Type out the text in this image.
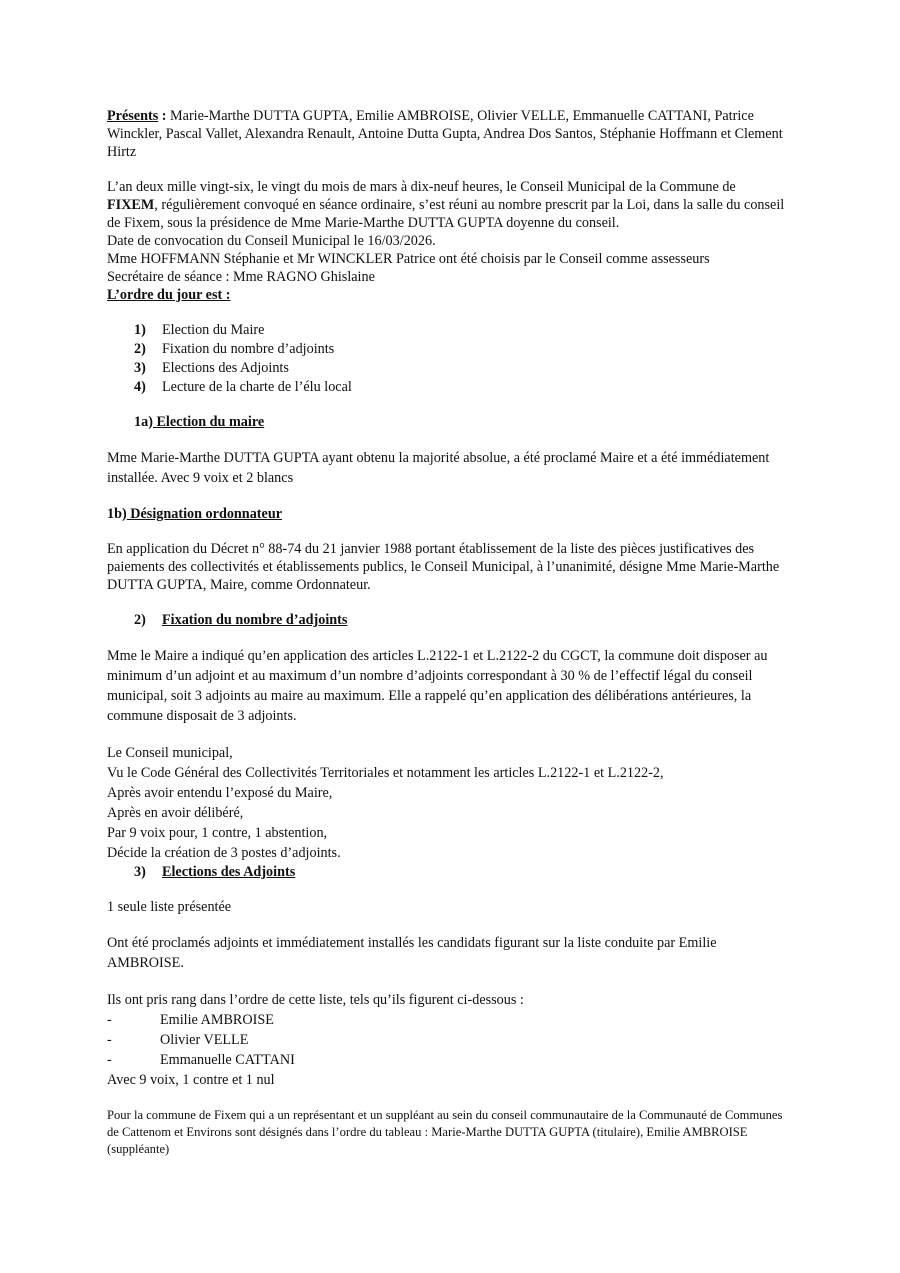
Présents : Marie-Marthe DUTTA GUPTA, Emilie AMBROISE, Olivier VELLE, Emmanuelle CATTANI, Patrice Winckler, Pascal Vallet, Alexandra Renault, Antoine Dutta Gupta, Andrea Dos Santos, Stéphanie Hoffmann et Clement Hirtz

L’an deux mille vingt-six, le vingt du mois de mars à dix-neuf heures, le Conseil Municipal de la Commune de FIXEM, régulièrement convoqué en séance ordinaire, s’est réuni au nombre prescrit par la Loi, dans la salle du conseil de Fixem, sous la présidence de Mme Marie-Marthe DUTTA GUPTA doyenne du conseil.

Date de convocation du Conseil Municipal le 16/03/2026.

Mme HOFFMANN Stéphanie et Mr WINCKLER Patrice ont été choisis par le Conseil comme assesseurs

Secrétaire de séance : Mme RAGNO Ghislaine

L’ordre du jour est :

1)	Election du Maire
2)	Fixation du nombre d’adjoints
3)	Elections des Adjoints
4)	Lecture de la charte de l’élu local

1a) Election du maire

Mme Marie-Marthe DUTTA GUPTA ayant obtenu la majorité absolue, a été proclamé Maire et a été immédiatement installée. Avec 9 voix et 2 blancs

1b) Désignation ordonnateur

En application du Décret n° 88-74 du 21 janvier 1988 portant établissement de la liste des pièces justificatives des paiements des collectivités et établissements publics, le Conseil Municipal, à l’unanimité, désigne Mme Marie-Marthe DUTTA GUPTA, Maire, comme Ordonnateur.

2)	Fixation du nombre d’adjoints

Mme le Maire a indiqué qu’en application des articles L.2122-1 et L.2122-2 du CGCT, la commune doit disposer au minimum d’un adjoint et au maximum d’un nombre d’adjoints correspondant à 30 % de l’effectif légal du conseil municipal, soit 3 adjoints au maire au maximum. Elle a rappelé qu’en application des délibérations antérieures, la commune disposait de 3 adjoints.

Le Conseil municipal,

Vu le Code Général des Collectivités Territoriales et notamment les articles L.2122-1 et L.2122-2,

Après avoir entendu l’exposé du Maire,

Après en avoir délibéré,

Par 9 voix pour, 1 contre, 1 abstention,

Décide la création de 3 postes d’adjoints.

3)	Elections des Adjoints

1 seule liste présentée

Ont été proclamés adjoints et immédiatement installés les candidats figurant sur la liste conduite par Emilie AMBROISE.

Ils ont pris rang dans l’ordre de cette liste, tels qu’ils figurent ci-dessous :

-	Emilie AMBROISE
-	Olivier VELLE
-	Emmanuelle CATTANI

Avec 9 voix, 1 contre et 1 nul

Pour la commune de Fixem qui a un représentant et un suppléant au sein du conseil communautaire de la Communauté de Communes de Cattenom et Environs sont désignés dans l’ordre du tableau : Marie-Marthe DUTTA GUPTA (titulaire), Emilie AMBROISE (suppléante)
